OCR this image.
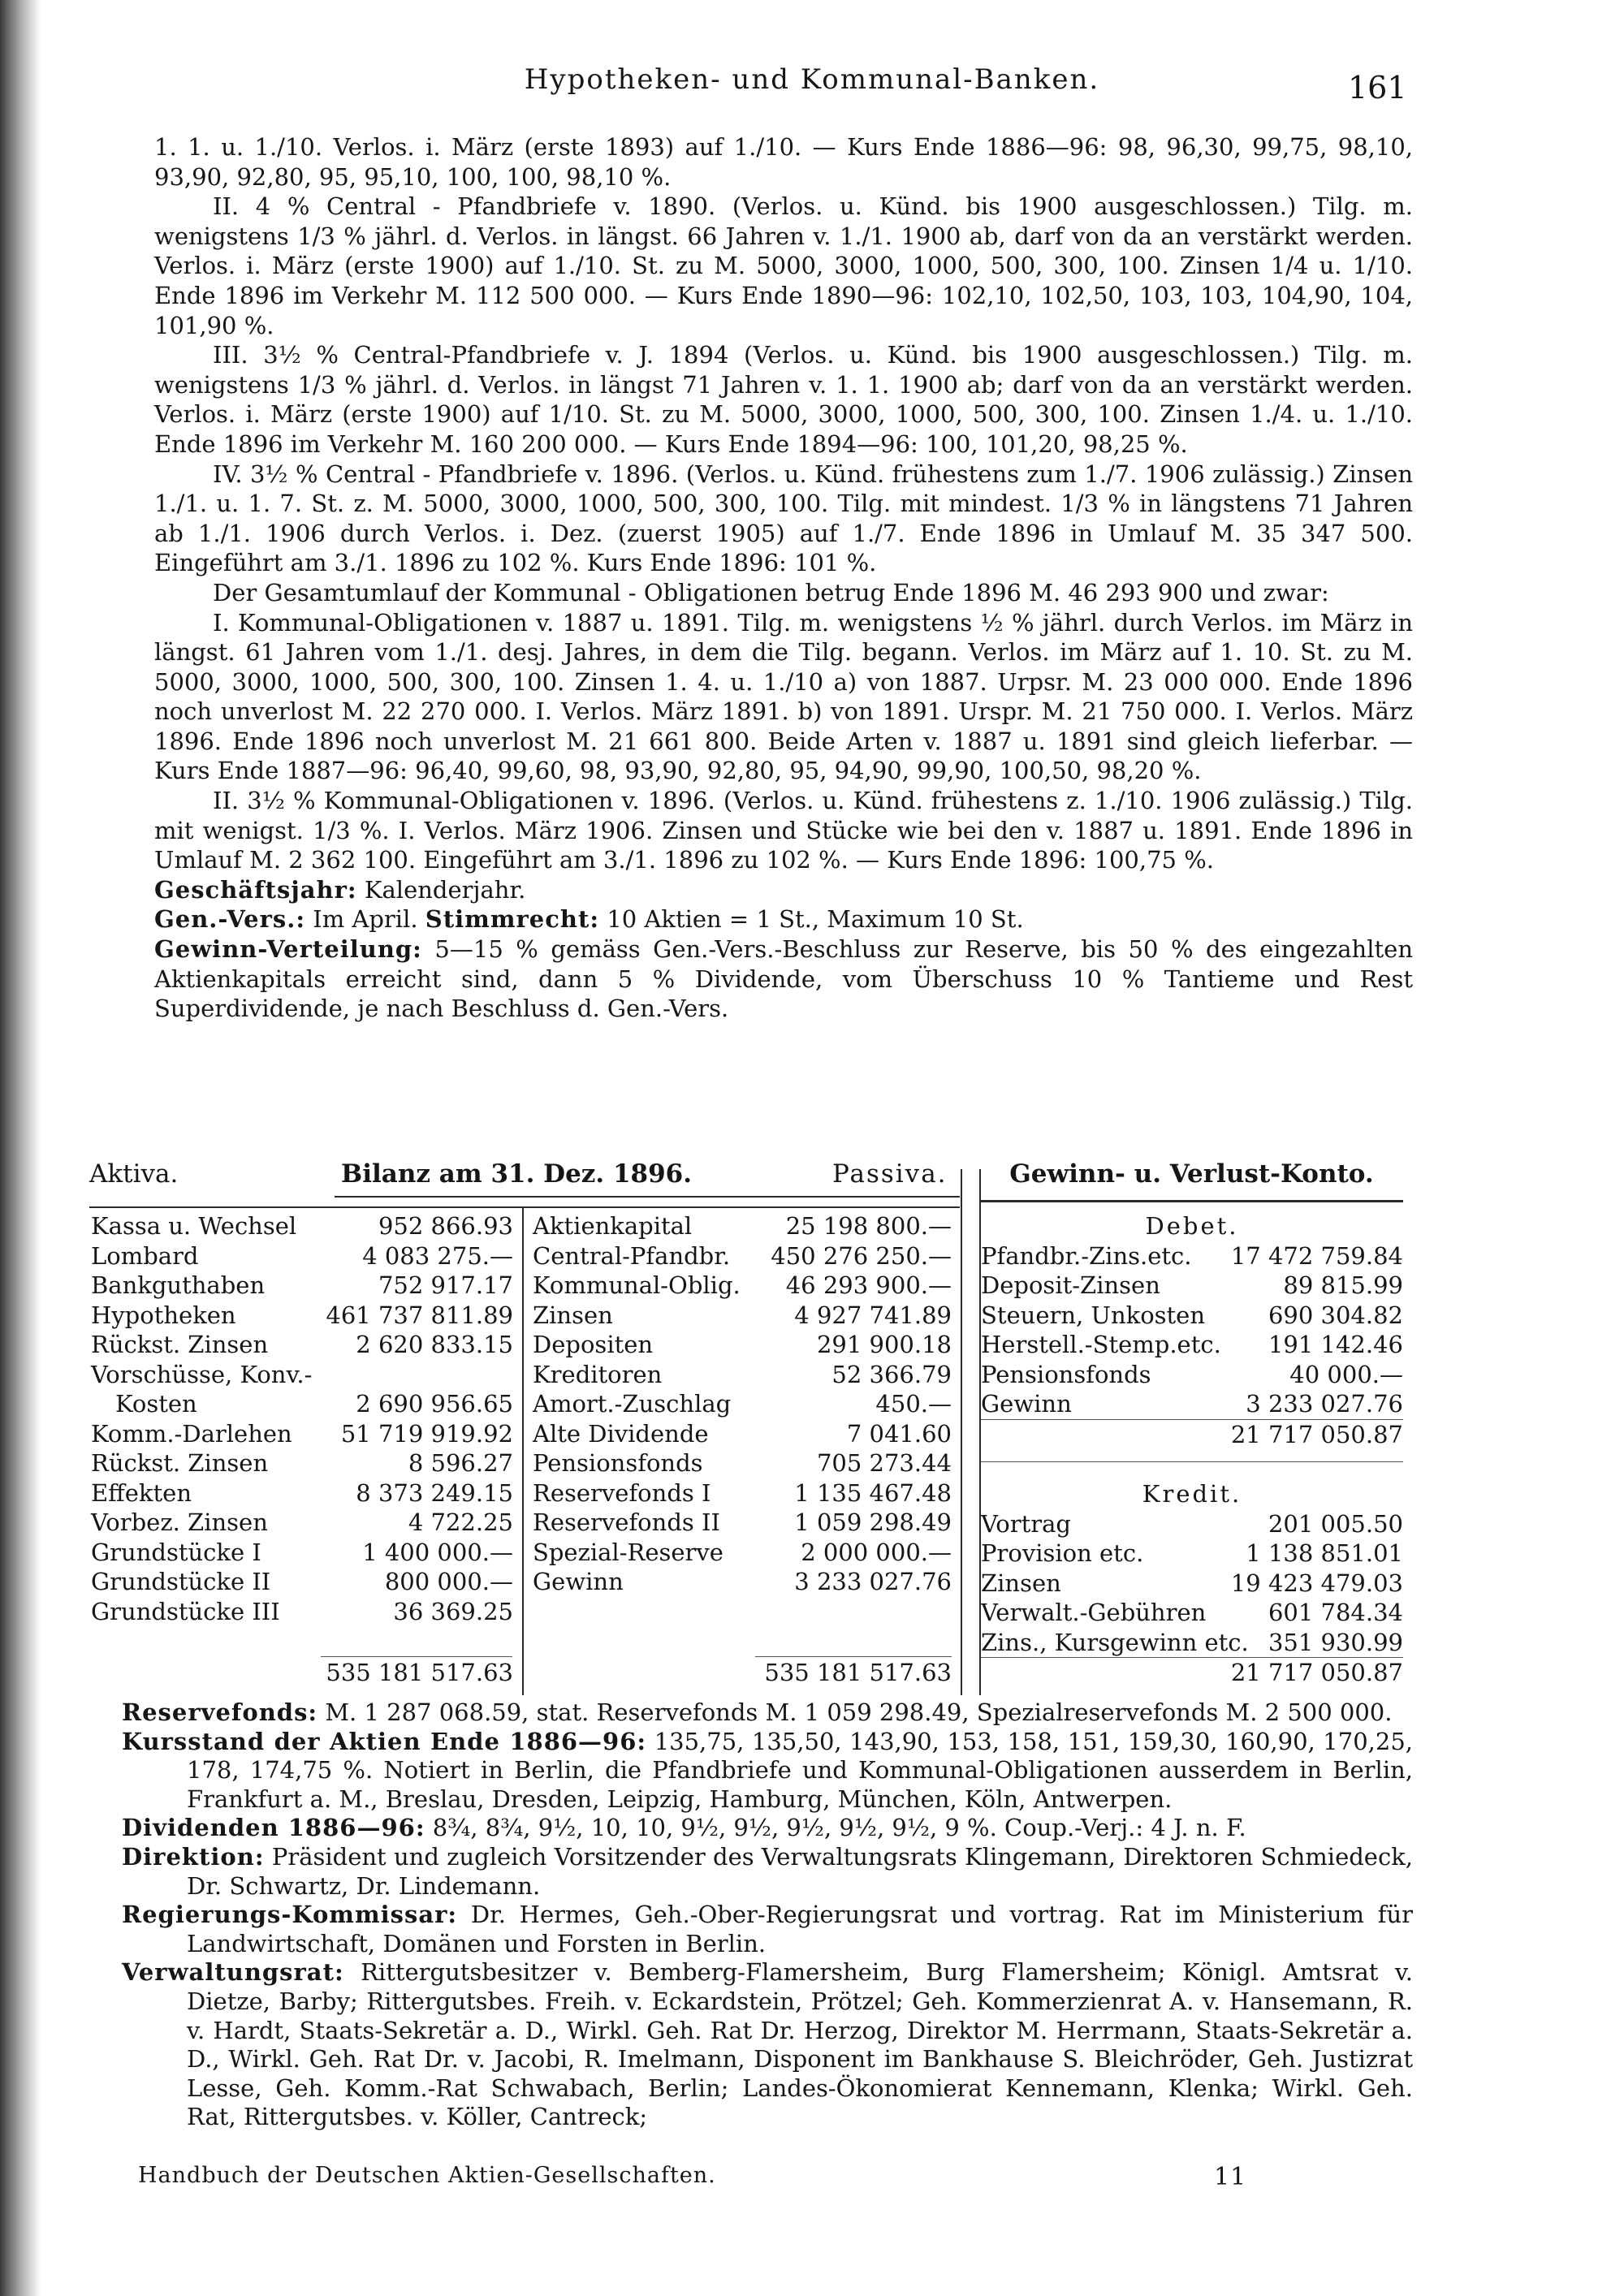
Hypotheken- und Kommunal-Banken.	161

1. 1. u. 1./10. Verlos. i. März (erste 1893) auf 1./10. — Kurs Ende 1886—96: 98, 96,30, 99,75, 98,10, 93,90, 92,80, 95, 95,10, 100, 100, 98,10 %.

II. 4 % Central - Pfandbriefe v. 1890. (Verlos. u. Künd. bis 1900 ausgeschlossen.) Tilg. m. wenigstens 1/3 % jährl. d. Verlos. in längst. 66 Jahren v. 1./1. 1900 ab, darf von da an verstärkt werden. Verlos. i. März (erste 1900) auf 1./10. St. zu M. 5000, 3000, 1000, 500, 300, 100. Zinsen 1/4 u. 1/10. Ende 1896 im Verkehr M. 112 500 000. — Kurs Ende 1890—96: 102,10, 102,50, 103, 103, 104,90, 104, 101,90 %.

III. 3½ % Central-Pfandbriefe v. J. 1894 (Verlos. u. Künd. bis 1900 ausgeschlossen.) Tilg. m. wenigstens 1/3 % jährl. d. Verlos. in längst 71 Jahren v. 1. 1. 1900 ab; darf von da an verstärkt werden. Verlos. i. März (erste 1900) auf 1/10. St. zu M. 5000, 3000, 1000, 500, 300, 100. Zinsen 1./4. u. 1./10. Ende 1896 im Verkehr M. 160 200 000. — Kurs Ende 1894—96: 100, 101,20, 98,25 %.

IV. 3½ % Central - Pfandbriefe v. 1896. (Verlos. u. Künd. frühestens zum 1./7. 1906 zulässig.) Zinsen 1./1. u. 1. 7. St. z. M. 5000, 3000, 1000, 500, 300, 100. Tilg. mit mindest. 1/3 % in längstens 71 Jahren ab 1./1. 1906 durch Verlos. i. Dez. (zuerst 1905) auf 1./7. Ende 1896 in Umlauf M. 35 347 500. Eingeführt am 3./1. 1896 zu 102 %. Kurs Ende 1896: 101 %.

Der Gesamtumlauf der Kommunal - Obligationen betrug Ende 1896 M. 46 293 900 und zwar:

I. Kommunal-Obligationen v. 1887 u. 1891. Tilg. m. wenigstens ½ % jährl. durch Verlos. im März in längst. 61 Jahren vom 1./1. desj. Jahres, in dem die Tilg. begann. Verlos. im März auf 1. 10. St. zu M. 5000, 3000, 1000, 500, 300, 100. Zinsen 1. 4. u. 1./10 a) von 1887. Urpsr. M. 23 000 000. Ende 1896 noch unverlost M. 22 270 000. I. Verlos. März 1891. b) von 1891. Urspr. M. 21 750 000. I. Verlos. März 1896. Ende 1896 noch unverlost M. 21 661 800. Beide Arten v. 1887 u. 1891 sind gleich lieferbar. — Kurs Ende 1887—96: 96,40, 99,60, 98, 93,90, 92,80, 95, 94,90, 99,90, 100,50, 98,20 %.

II. 3½ % Kommunal-Obligationen v. 1896. (Verlos. u. Künd. frühestens z. 1./10. 1906 zulässig.) Tilg. mit wenigst. 1/3 %. I. Verlos. März 1906. Zinsen und Stücke wie bei den v. 1887 u. 1891. Ende 1896 in Umlauf M. 2 362 100. Eingeführt am 3./1. 1896 zu 102 %. — Kurs Ende 1896: 100,75 %.

Geschäftsjahr: Kalenderjahr.

Gen.-Vers.: Im April. Stimmrecht: 10 Aktien = 1 St., Maximum 10 St.

Gewinn-Verteilung: 5—15 % gemäss Gen.-Vers.-Beschluss zur Reserve, bis 50 % des eingezahlten Aktienkapitals erreicht sind, dann 5 % Dividende, vom Überschuss 10 % Tantieme und Rest Superdividende, je nach Beschluss d. Gen.-Vers.

Aktiva.	Bilanz am 31. Dez. 1896.	Passiva.	Gewinn- u. Verlust-Konto.
Kassa u. Wechsel	952 866.93
Lombard	4 083 275.—
Bankguthaben	752 917.17
Hypotheken	461 737 811.89
Rückst. Zinsen	2 620 833.15
Vorschüsse, Konv.-
Kosten	2 690 956.65
Komm.-Darlehen 51 719 919.92
Rückst. Zinsen	8 596.27
Effekten	8 373 249.15
Vorbez. Zinsen	4 722.25
Grundstücke I	1 400 000.—
Grundstücke II	800 000.—
Grundstücke III	36 369.25
535 181 517.63
Aktienkapital	25 198 800.—
Central-Pfandbr. 450 276 250.—
Kommunal-Oblig. 46 293 900.—
Zinsen	4 927 741.89
Depositen	291 900.18
Kreditoren	52 366.79
Amort.-Zuschlag	450.—
Alte Dividende	7 041.60
Pensionsfonds	705 273.44
Reservefonds I	1 135 467.48
Reservefonds II	1 059 298.49
Spezial-Reserve	2 000 000.—
Gewinn	3 233 027.76
535 181 517.63
Debet.
Pfandbr.-Zins.etc. 17 472 759.84
Deposit-Zinsen	89 815.99
Steuern, Unkosten	690 304.82
Herstell.-Stemp.etc. 191 142.46
Pensionsfonds	40 000.—
Gewinn	3 233 027.76
21 717 050.87
Kredit.
Vortrag	201 005.50
Provision etc.	1 138 851.01
Zinsen	19 423 479.03
Verwalt.-Gebühren	601 784.34
Zins., Kursgewinn etc. 351 930.99
21 717 050.87

Reservefonds: M. 1 287 068.59, stat. Reservefonds M. 1 059 298.49, Spezialreservefonds M. 2 500 000.

Kursstand der Aktien Ende 1886—96: 135,75, 135,50, 143,90, 153, 158, 151, 159,30, 160,90, 170,25, 178, 174,75 %. Notiert in Berlin, die Pfandbriefe und Kommunal-Obligationen ausserdem in Berlin, Frankfurt a. M., Breslau, Dresden, Leipzig, Hamburg, München, Köln, Antwerpen.

Dividenden 1886—96: 8¾, 8¾, 9½, 10, 10, 9½, 9½, 9½, 9½, 9½, 9 %. Coup.-Verj.: 4 J. n. F.

Direktion: Präsident und zugleich Vorsitzender des Verwaltungsrats Klingemann, Direktoren Schmiedeck, Dr. Schwartz, Dr. Lindemann.

Regierungs-Kommissar: Dr. Hermes, Geh.-Ober-Regierungsrat und vortrag. Rat im Ministerium für Landwirtschaft, Domänen und Forsten in Berlin.

Verwaltungsrat: Rittergutsbesitzer v. Bemberg-Flamersheim, Burg Flamersheim; Königl. Amtsrat v. Dietze, Barby; Rittergutsbes. Freih. v. Eckardstein, Prötzel; Geh. Kommerzienrat A. v. Hansemann, R. v. Hardt, Staats-Sekretär a. D., Wirkl. Geh. Rat Dr. Herzog, Direktor M. Herrmann, Staats-Sekretär a. D., Wirkl. Geh. Rat Dr. v. Jacobi, R. Imelmann, Disponent im Bankhause S. Bleichröder, Geh. Justizrat Lesse, Geh. Komm.-Rat Schwabach, Berlin; Landes-Ökonomierat Kennemann, Klenka; Wirkl. Geh. Rat, Rittergutsbes. v. Köller, Cantreck;

Handbuch der Deutschen Aktien-Gesellschaften.	11
